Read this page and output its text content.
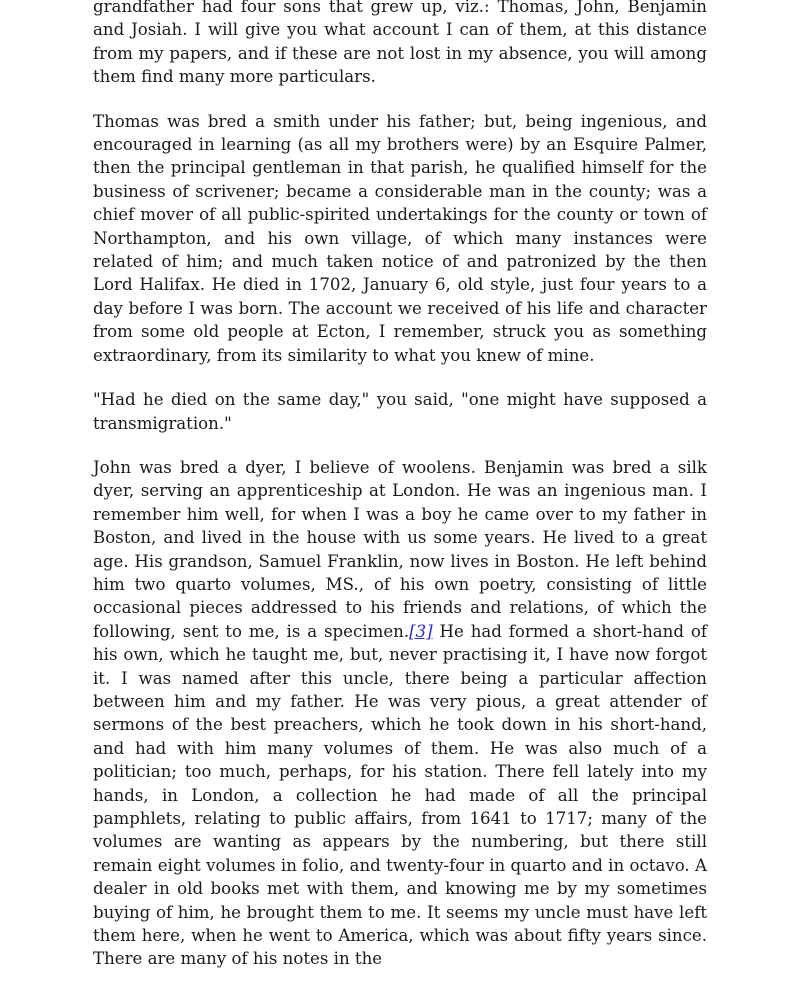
grandfather had four sons that grew up, viz.: Thomas, John, Benjamin and Josiah. I will give you what account I can of them, at this distance from my papers, and if these are not lost in my absence, you will among them find many more particulars.

Thomas was bred a smith under his father; but, being ingenious, and encouraged in learning (as all my brothers were) by an Esquire Palmer, then the principal gentleman in that parish, he qualified himself for the business of scrivener; became a considerable man in the county; was a chief mover of all public-spirited undertakings for the county or town of Northampton, and his own village, of which many instances were related of him; and much taken notice of and patronized by the then Lord Halifax. He died in 1702, January 6, old style, just four years to a day before I was born. The account we received of his life and character from some old people at Ecton, I remember, struck you as something extraordinary, from its similarity to what you knew of mine.

"Had he died on the same day," you said, "one might have supposed a transmigration."

John was bred a dyer, I believe of woolens. Benjamin was bred a silk dyer, serving an apprenticeship at London. He was an ingenious man. I remember him well, for when I was a boy he came over to my father in Boston, and lived in the house with us some years. He lived to a great age. His grandson, Samuel Franklin, now lives in Boston. He left behind him two quarto volumes, MS., of his own poetry, consisting of little occasional pieces addressed to his friends and relations, of which the following, sent to me, is a specimen.[3] He had formed a short-hand of his own, which he taught me, but, never practising it, I have now forgot it. I was named after this uncle, there being a particular affection between him and my father. He was very pious, a great attender of sermons of the best preachers, which he took down in his short-hand, and had with him many volumes of them. He was also much of a politician; too much, perhaps, for his station. There fell lately into my hands, in London, a collection he had made of all the principal pamphlets, relating to public affairs, from 1641 to 1717; many of the volumes are wanting as appears by the numbering, but there still remain eight volumes in folio, and twenty-four in quarto and in octavo. A dealer in old books met with them, and knowing me by my sometimes buying of him, he brought them to me. It seems my uncle must have left them here, when he went to America, which was about fifty years since. There are many of his notes in the
